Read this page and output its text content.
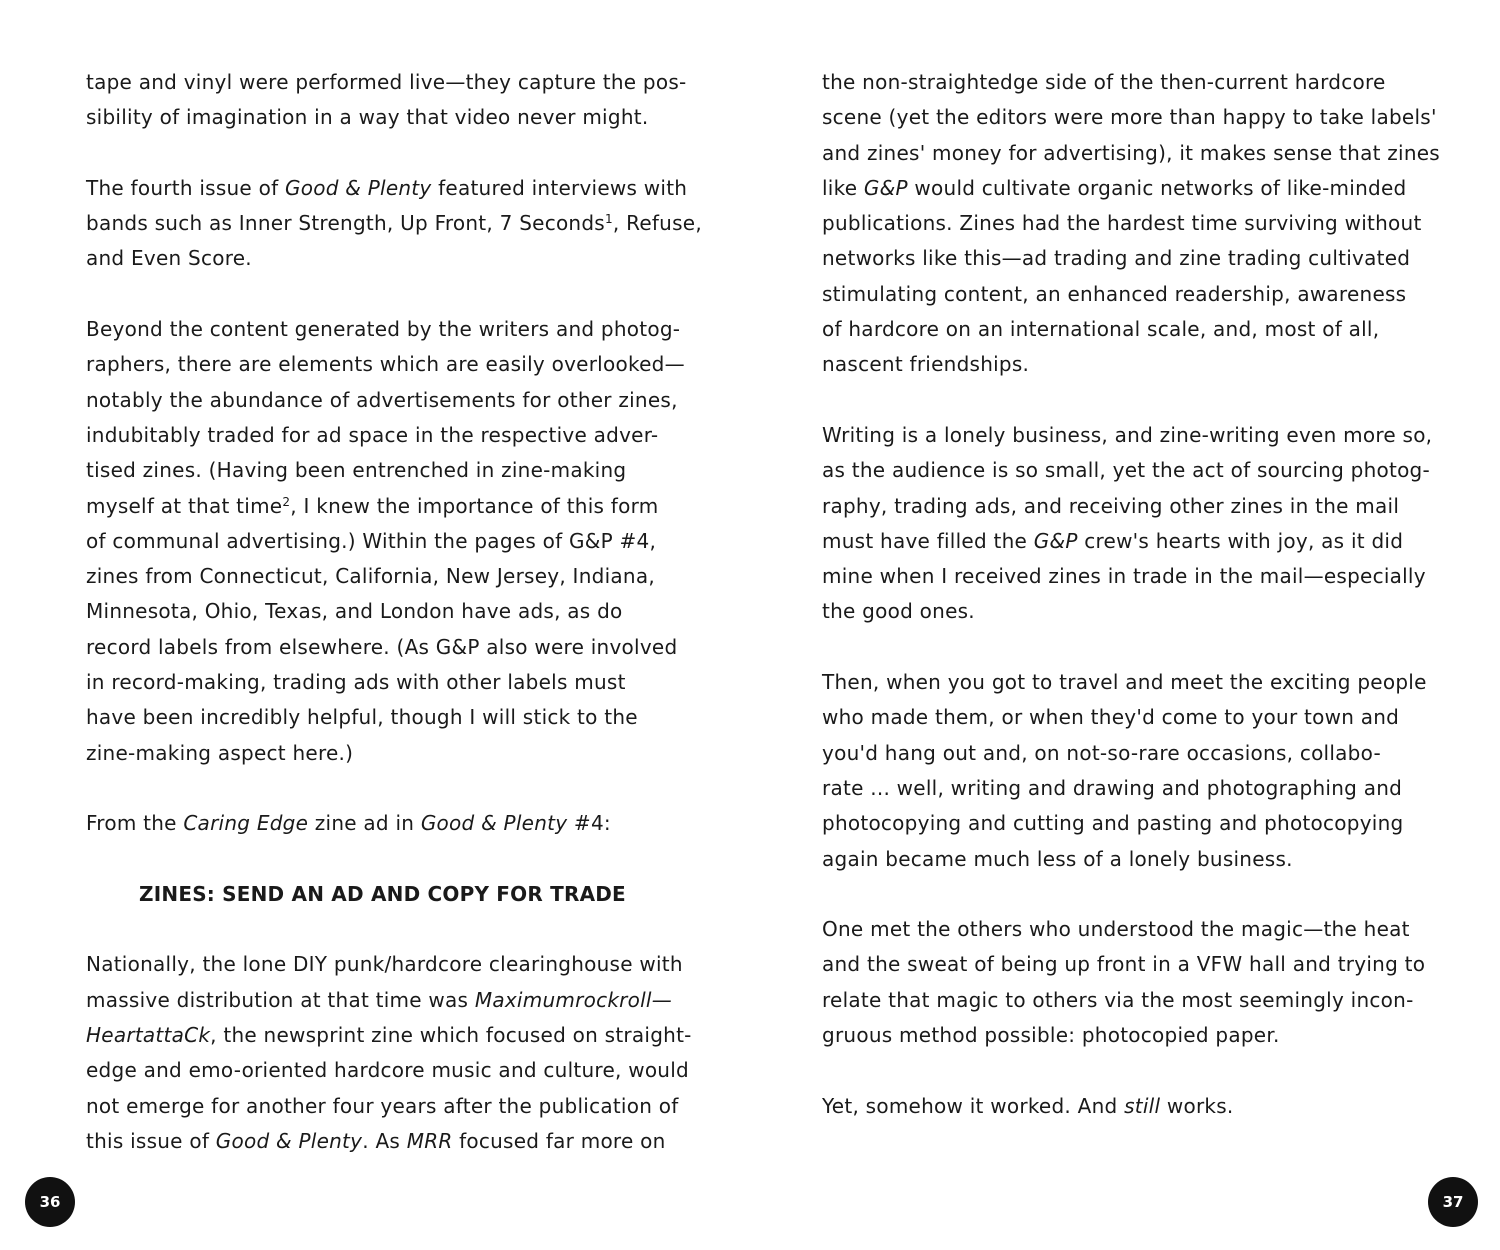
tape and vinyl were performed live—they capture the pos-
sibility of imagination in a way that video never might.

The fourth issue of Good & Plenty featured interviews with
bands such as Inner Strength, Up Front, 7 Seconds$^1$, Refuse,
and Even Score.

Beyond the content generated by the writers and photog-
raphers, there are elements which are easily overlooked—
notably the abundance of advertisements for other zines,
indubitably traded for ad space in the respective adver-
tised zines. (Having been entrenched in zine-making
myself at that time$^2$, I knew the importance of this form
of communal advertising.) Within the pages of G&P #4,
zines from Connecticut, California, New Jersey, Indiana,
Minnesota, Ohio, Texas, and London have ads, as do
record labels from elsewhere. (As G&P also were involved
in record-making, trading ads with other labels must
have been incredibly helpful, though I will stick to the
zine-making aspect here.)

From the Caring Edge zine ad in Good & Plenty #4:

ZINES: SEND AN AD AND COPY FOR TRADE

Nationally, the lone DIY punk/hardcore clearinghouse with
massive distribution at that time was Maximumrockroll—
HeartattaCk, the newsprint zine which focused on straight-
edge and emo-oriented hardcore music and culture, would
not emerge for another four years after the publication of
this issue of Good & Plenty. As MRR focused far more on

the non-straightedge side of the then-current hardcore
scene (yet the editors were more than happy to take labels'
and zines' money for advertising), it makes sense that zines
like G&P would cultivate organic networks of like-minded
publications. Zines had the hardest time surviving without
networks like this—ad trading and zine trading cultivated
stimulating content, an enhanced readership, awareness
of hardcore on an international scale, and, most of all,
nascent friendships.

Writing is a lonely business, and zine-writing even more so,
as the audience is so small, yet the act of sourcing photog-
raphy, trading ads, and receiving other zines in the mail
must have filled the G&P crew's hearts with joy, as it did
mine when I received zines in trade in the mail—especially
the good ones.

Then, when you got to travel and meet the exciting people
who made them, or when they'd come to your town and
you'd hang out and, on not-so-rare occasions, collabo-
rate ... well, writing and drawing and photographing and
photocopying and cutting and pasting and photocopying
again became much less of a lonely business.

One met the others who understood the magic—the heat
and the sweat of being up front in a VFW hall and trying to
relate that magic to others via the most seemingly incon-
gruous method possible: photocopied paper.

Yet, somehow it worked. And still works.

36	37
